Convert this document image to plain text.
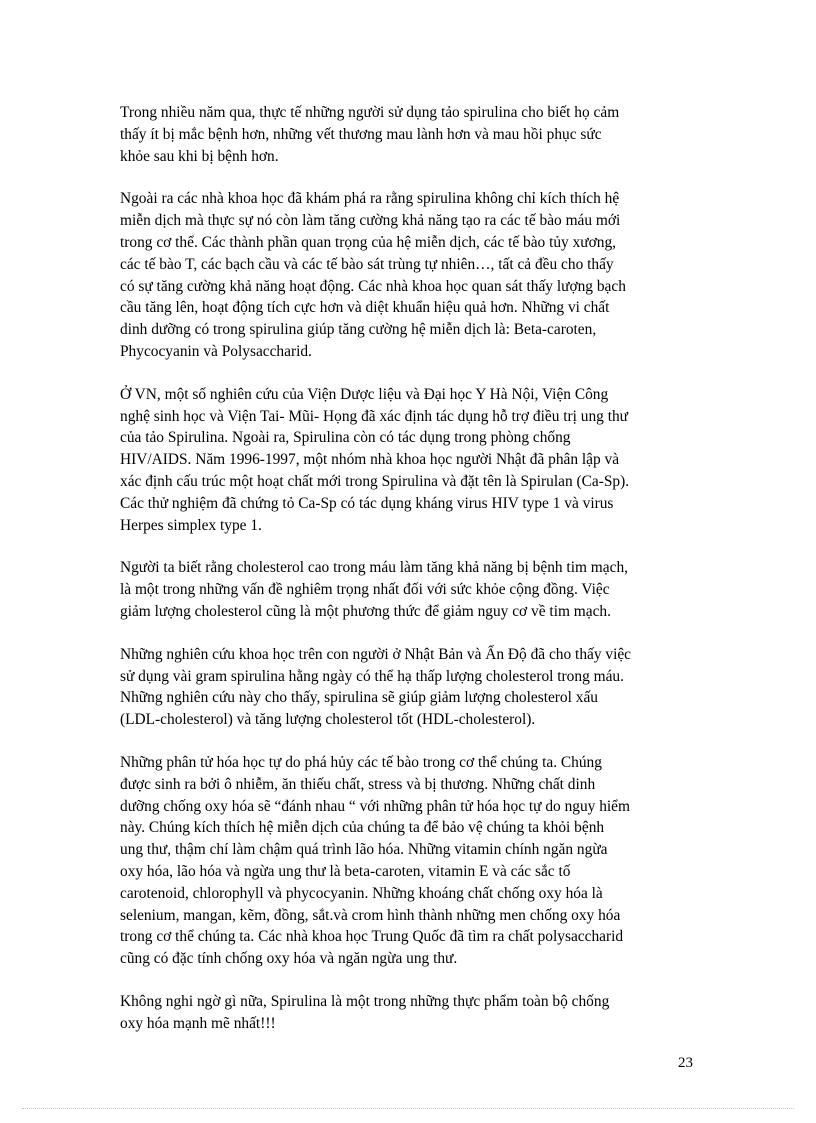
Trong nhiều năm qua, thực tế những người sử dụng tảo spirulina cho biết họ cảm
thấy ít bị mắc bệnh hơn, những vết thương mau lành hơn và mau hồi phục sức
khỏe sau khi bị bệnh hơn.

Ngoài ra các nhà khoa học đã khám phá ra rằng spirulina không chỉ kích thích hệ
miễn dịch mà thực sự nó còn làm tăng cường khả năng tạo ra các tế bào máu mới
trong cơ thể. Các thành phần quan trọng của hệ miễn dịch, các tế bào tủy xương,
các tế bào T, các bạch cầu và các tế bào sát trùng tự nhiên…, tất cả đều cho thấy
có sự tăng cường khả năng hoạt động. Các nhà khoa học quan sát thấy lượng bạch
cầu tăng lên, hoạt động tích cực hơn và diệt khuẩn hiệu quả hơn. Những vi chất
dinh dưỡng có trong spirulina giúp tăng cường hệ miễn dịch là: Beta-caroten,
Phycocyanin và Polysaccharid.

Ở VN, một số nghiên cứu của Viện Dược liệu và Đại học Y Hà Nội, Viện Công
nghệ sinh học và Viện Tai- Mũi- Họng đã xác định tác dụng hỗ trợ điều trị ung thư
của tảo Spirulina. Ngoài ra, Spirulina còn có tác dụng trong phòng chống
HIV/AIDS. Năm 1996-1997, một nhóm nhà khoa học người Nhật đã phân lập và
xác định cấu trúc một hoạt chất mới trong Spirulina và đặt tên là Spirulan (Ca-Sp).
Các thử nghiệm đã chứng tỏ Ca-Sp có tác dụng kháng virus HIV type 1 và virus
Herpes simplex type 1.

Người ta biết rằng cholesterol cao trong máu làm tăng khả năng bị bệnh tim mạch,
là một trong những vấn đề nghiêm trọng nhất đối với sức khỏe cộng đồng. Việc
giảm lượng cholesterol cũng là một phương thức để giảm nguy cơ về tim mạch.

Những nghiên cứu khoa học trên con người ở Nhật Bản và Ấn Độ đã cho thấy việc
sử dụng vài gram spirulina hằng ngày có thể hạ thấp lượng cholesterol trong máu.
Những nghiên cứu này cho thấy, spirulina sẽ giúp giảm lượng cholesterol xấu
(LDL-cholesterol) và tăng lượng cholesterol tốt (HDL-cholesterol).

Những phân tử hóa học tự do phá hủy các tế bào trong cơ thể chúng ta. Chúng
được sinh ra bởi ô nhiễm, ăn thiếu chất, stress và bị thương. Những chất dinh
dưỡng chống oxy hóa sẽ “đánh nhau “ với những phân tử hóa học tự do nguy hiểm
này. Chúng kích thích hệ miễn dịch của chúng ta để bảo vệ chúng ta khỏi bệnh
ung thư, thậm chí làm chậm quá trình lão hóa. Những vitamin chính ngăn ngừa
oxy hóa, lão hóa và ngừa ung thư là beta-caroten, vitamin E và các sắc tố
carotenoid, chlorophyll và phycocyanin. Những khoáng chất chống oxy hóa là
selenium, mangan, kẽm, đồng, sắt.và crom hình thành những men chống oxy hóa
trong cơ thể chúng ta. Các nhà khoa học Trung Quốc đã tìm ra chất polysaccharid
cũng có đặc tính chống oxy hóa và ngăn ngừa ung thư.

Không nghi ngờ gì nữa, Spirulina là một trong những thực phẩm toàn bộ chống
oxy hóa mạnh mẽ nhất!!!

23
